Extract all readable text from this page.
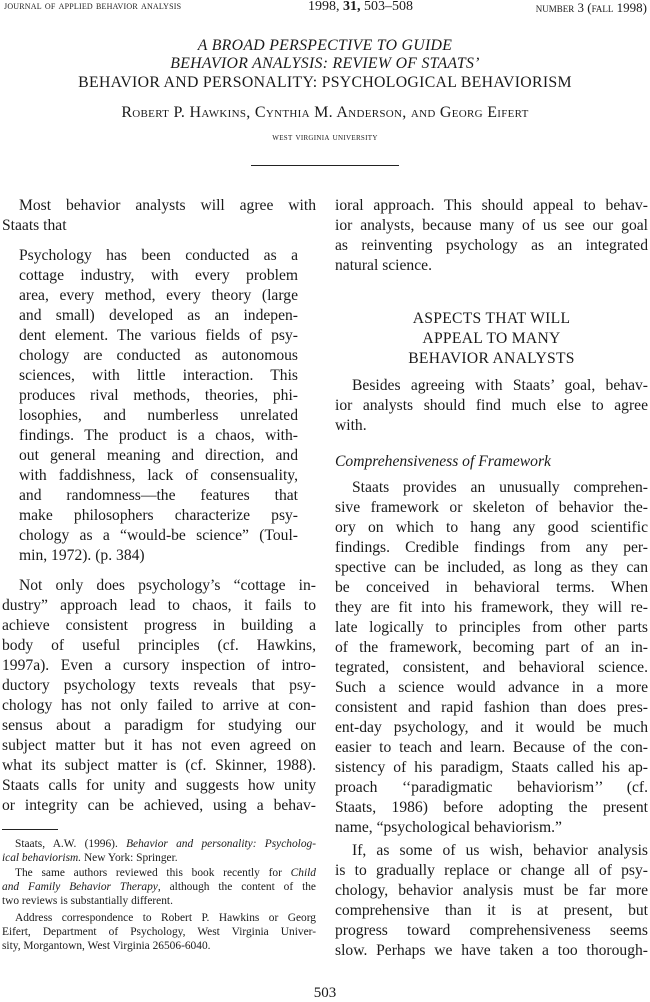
journal of applied behavior analysis	1998, 31, 503–508	number 3 (fall 1998)
A BROAD PERSPECTIVE TO GUIDE
BEHAVIOR ANALYSIS: REVIEW OF STAATS’
BEHAVIOR AND PERSONALITY: PSYCHOLOGICAL BEHAVIORISM
Robert P. Hawkins, Cynthia M. Anderson, and Georg Eifert
west virginia university
Most behavior analysts will agree with
Staats that
Psychology has been conducted as a
cottage industry, with every problem
area, every method, every theory (large
and small) developed as an indepen-
dent element. The various fields of psy-
chology are conducted as autonomous
sciences, with little interaction. This
produces rival methods, theories, phi-
losophies, and numberless unrelated
findings. The product is a chaos, with-
out general meaning and direction, and
with faddishness, lack of consensuality,
and randomness—the features that
make philosophers characterize psy-
chology as a “would-be science” (Toul-
min, 1972). (p. 384)
Not only does psychology’s “cottage in-
dustry” approach lead to chaos, it fails to
achieve consistent progress in building a
body of useful principles (cf. Hawkins,
1997a). Even a cursory inspection of intro-
ductory psychology texts reveals that psy-
chology has not only failed to arrive at con-
sensus about a paradigm for studying our
subject matter but it has not even agreed on
what its subject matter is (cf. Skinner, 1988).
Staats calls for unity and suggests how unity
or integrity can be achieved, using a behav-
Staats, A.W. (1996). Behavior and personality: Psycholog-
ical behaviorism. New York: Springer.
The same authors reviewed this book recently for Child
and Family Behavior Therapy, although the content of the
two reviews is substantially different.
Address correspondence to Robert P. Hawkins or Georg
Eifert, Department of Psychology, West Virginia Univer-
sity, Morgantown, West Virginia 26506-6040.
ioral approach. This should appeal to behav-
ior analysts, because many of us see our goal
as reinventing psychology as an integrated
natural science.
ASPECTS THAT WILL
APPEAL TO MANY
BEHAVIOR ANALYSTS
Besides agreeing with Staats’ goal, behav-
ior analysts should find much else to agree
with.
Comprehensiveness of Framework
Staats provides an unusually comprehen-
sive framework or skeleton of behavior the-
ory on which to hang any good scientific
findings. Credible findings from any per-
spective can be included, as long as they can
be conceived in behavioral terms. When
they are fit into his framework, they will re-
late logically to principles from other parts
of the framework, becoming part of an in-
tegrated, consistent, and behavioral science.
Such a science would advance in a more
consistent and rapid fashion than does pres-
ent-day psychology, and it would be much
easier to teach and learn. Because of the con-
sistency of his paradigm, Staats called his ap-
proach ‘‘paradigmatic behaviorism’’ (cf.
Staats, 1986) before adopting the present
name, “psychological behaviorism.”
If, as some of us wish, behavior analysis
is to gradually replace or change all of psy-
chology, behavior analysis must be far more
comprehensive than it is at present, but
progress toward comprehensiveness seems
slow. Perhaps we have taken a too thorough-
503
